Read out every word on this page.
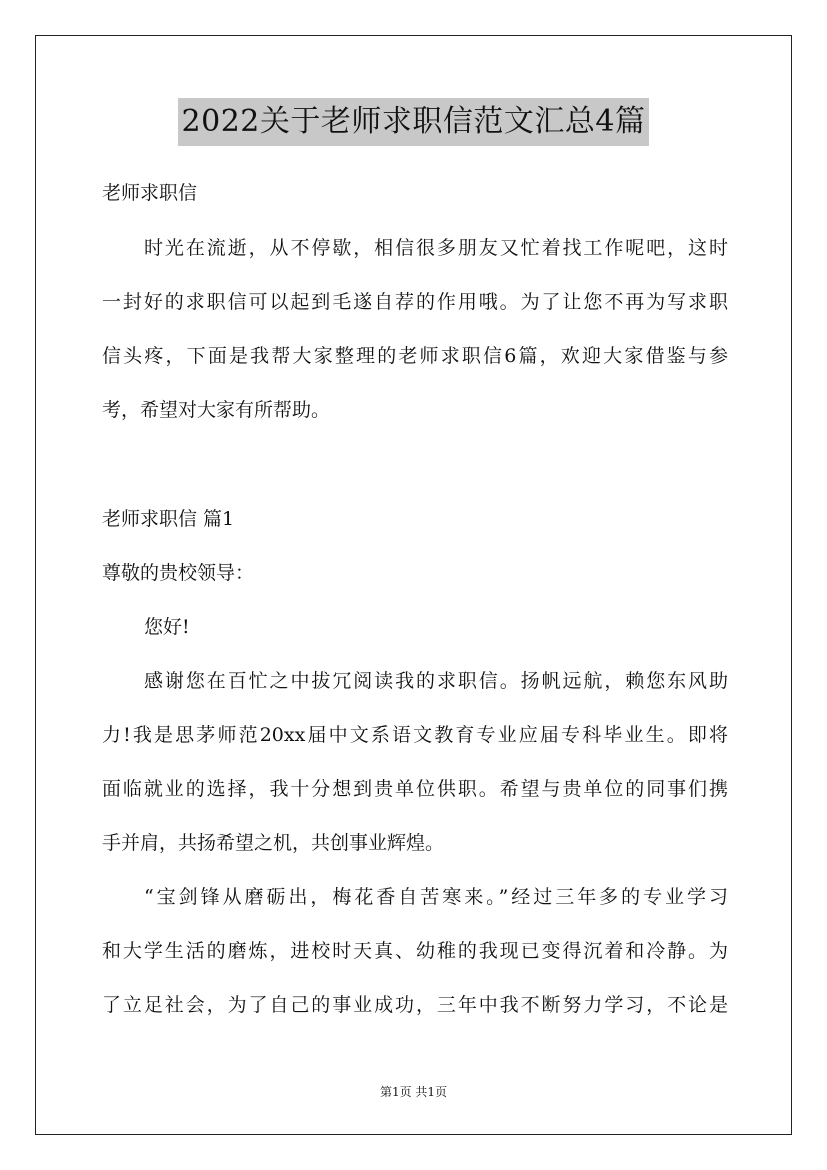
2022关于老师求职信范文汇总4篇
老师求职信
时光在流逝，从不停歇，相信很多朋友又忙着找工作呢吧，这时
一封好的求职信可以起到毛遂自荐的作用哦。为了让您不再为写求职
信头疼，下面是我帮大家整理的老师求职信6篇，欢迎大家借鉴与参
考，希望对大家有所帮助。
老师求职信 篇1
尊敬的贵校领导：
您好!
感谢您在百忙之中拔冗阅读我的求职信。扬帆远航，赖您东风助
力!我是思茅师范20xx届中文系语文教育专业应届专科毕业生。即将
面临就业的选择，我十分想到贵单位供职。希望与贵单位的同事们携
手并肩，共扬希望之机，共创事业辉煌。
“宝剑锋从磨砺出，梅花香自苦寒来。”经过三年多的专业学习
和大学生活的磨炼，进校时天真、幼稚的我现已变得沉着和冷静。为
了立足社会，为了自己的事业成功，三年中我不断努力学习，不论是
第1页 共1页
